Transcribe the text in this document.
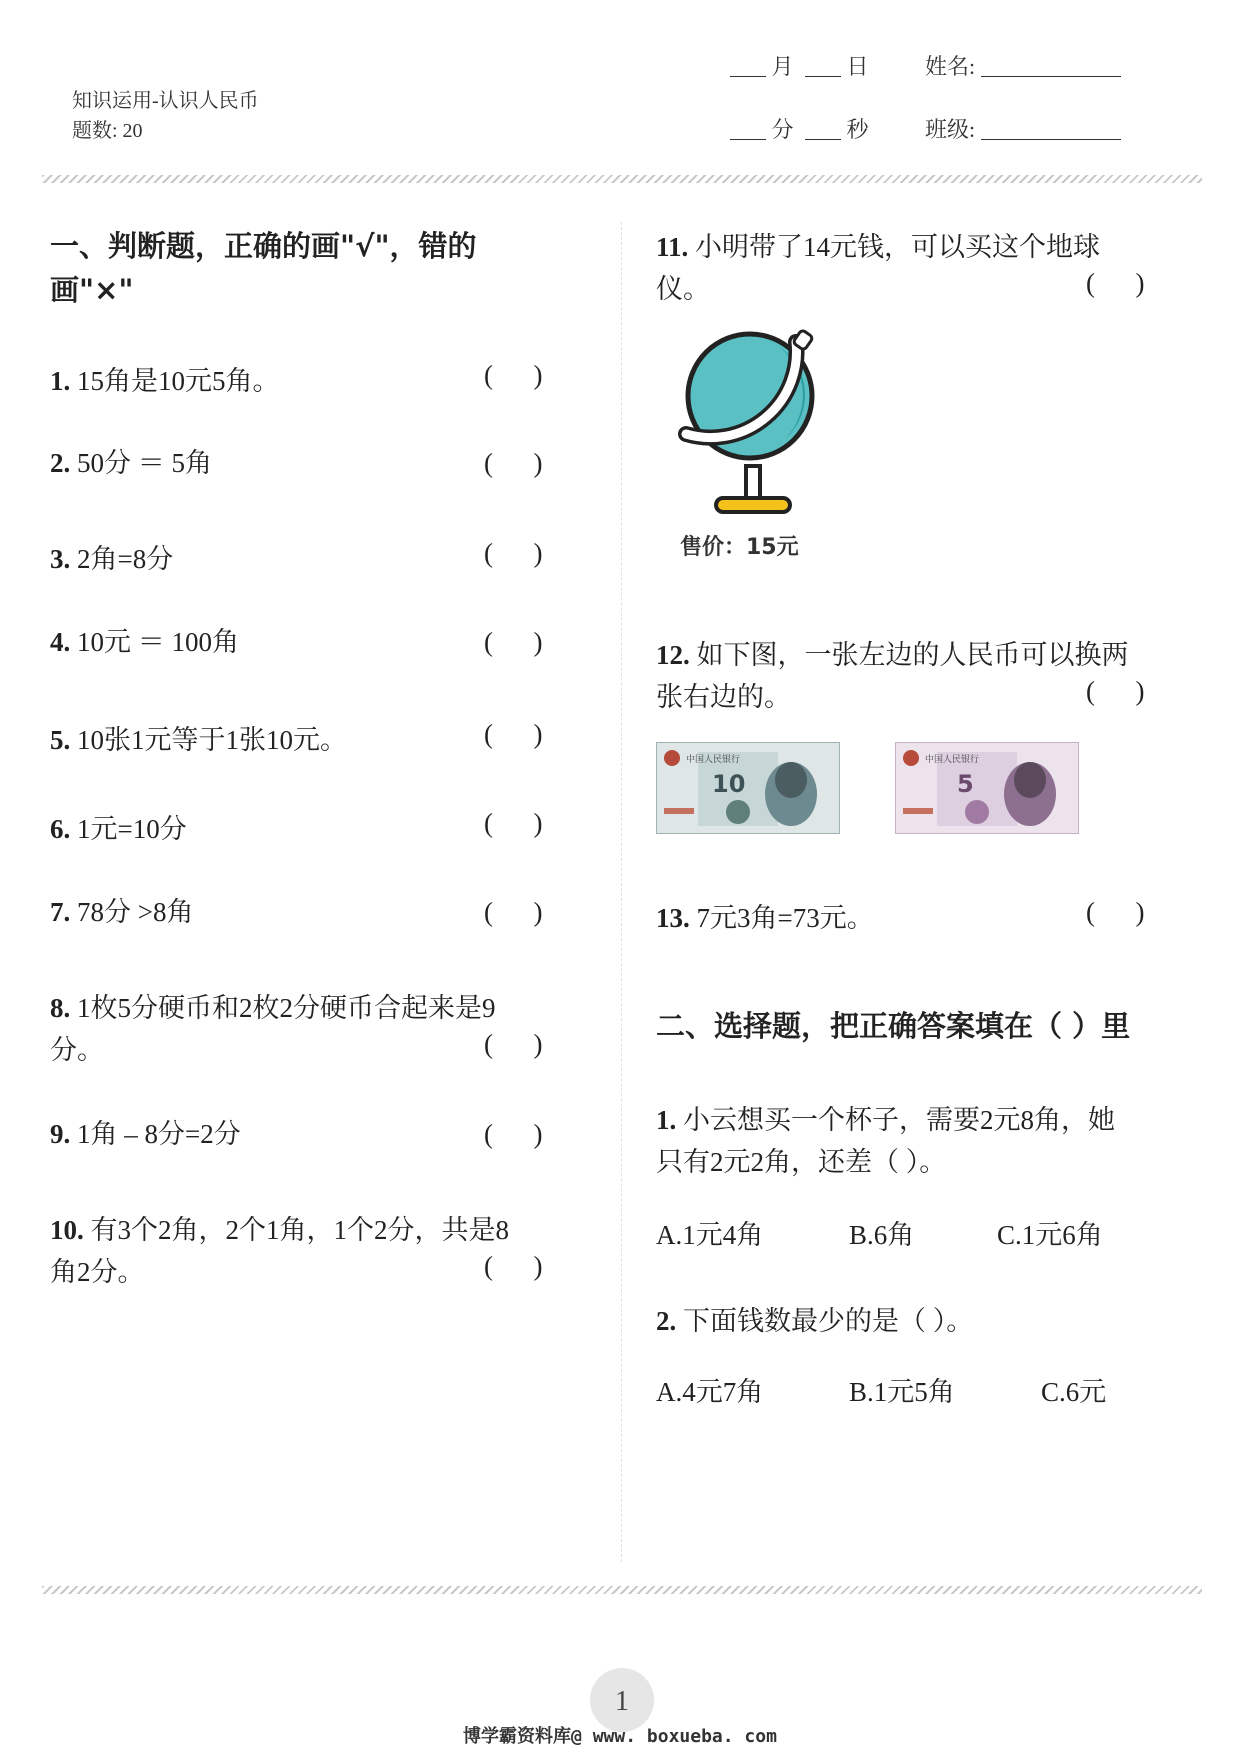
知识运用-认识人民币
题数: 20
月 日	姓名:
分 秒	班级:
一、判断题，正确的画"√"，错的
画"×"
1. 15角是10元5角。	(      )
2. 50分 ＝ 5角	(      )
3. 2角=8分	(      )
4. 10元 ＝ 100角	(      )
5. 10张1元等于1张10元。	(      )
6. 1元=10分	(      )
7. 78分 >8角	(      )
8. 1枚5分硬币和2枚2分硬币合起来是9
分。	(      )
9. 1角 – 8分=2分	(      )
10. 有3个2角，2个1角，1个2分，共是8
角2分。	(      )
11. 小明带了14元钱，可以买这个地球
仪。	(      )
售价：15元
12. 如下图，一张左边的人民币可以换两
张右边的。	(      )
中国人民银行
10
中国人民银行
5
13. 7元3角=73元。	(      )
二、选择题，把正确答案填在（ ）里
1. 小云想买一个杯子，需要2元8角，她
只有2元2角，还差（ ）。
A.1元4角	B.6角	C.1元6角
2. 下面钱数最少的是（ ）。
A.4元7角	B.1元5角	C.6元
1
博学霸资料库@ www. boxueba. com
